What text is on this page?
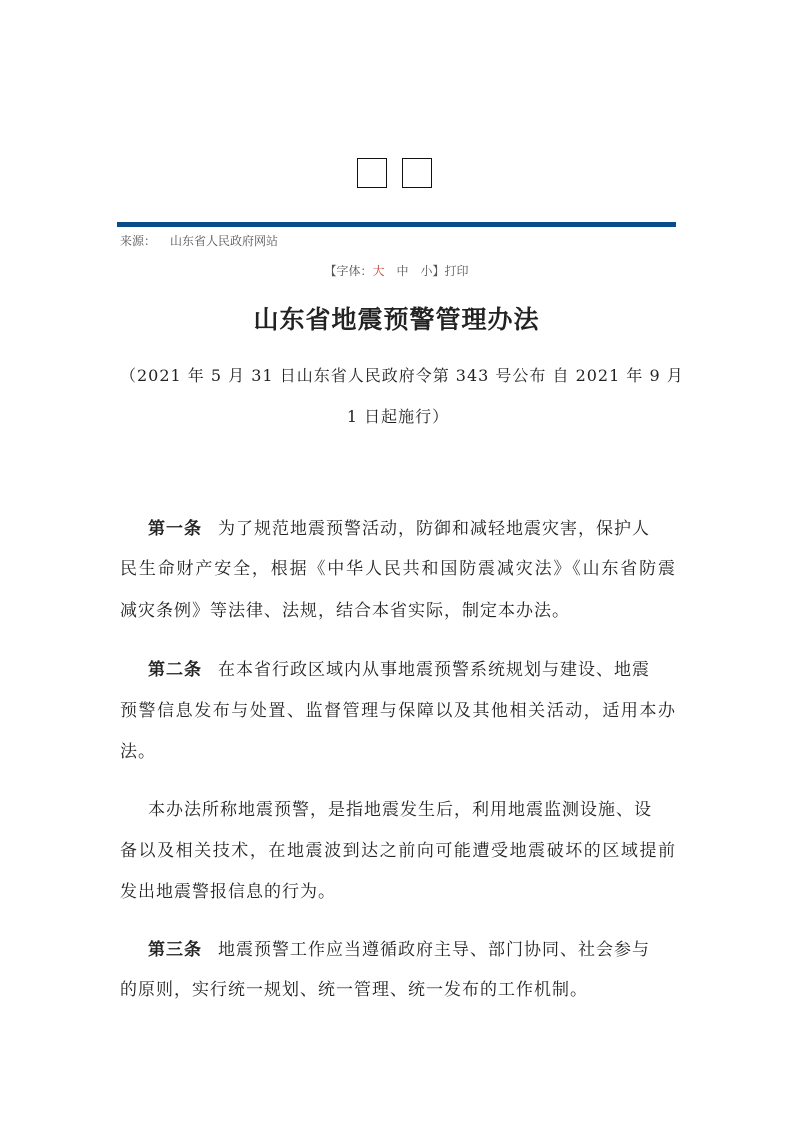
来源： 山东省人民政府网站
【字体：大 中 小】打印
山东省地震预警管理办法
（2021 年 5 月 31 日山东省人民政府令第 343 号公布 自 2021 年 9 月
1 日起施行）
第一条 为了规范地震预警活动，防御和减轻地震灾害，保护人
民生命财产安全，根据《中华人民共和国防震减灾法》《山东省防震
减灾条例》等法律、法规，结合本省实际，制定本办法。
第二条 在本省行政区域内从事地震预警系统规划与建设、地震
预警信息发布与处置、监督管理与保障以及其他相关活动，适用本办
法。
本办法所称地震预警，是指地震发生后，利用地震监测设施、设
备以及相关技术，在地震波到达之前向可能遭受地震破坏的区域提前
发出地震警报信息的行为。
第三条 地震预警工作应当遵循政府主导、部门协同、社会参与
的原则，实行统一规划、统一管理、统一发布的工作机制。
